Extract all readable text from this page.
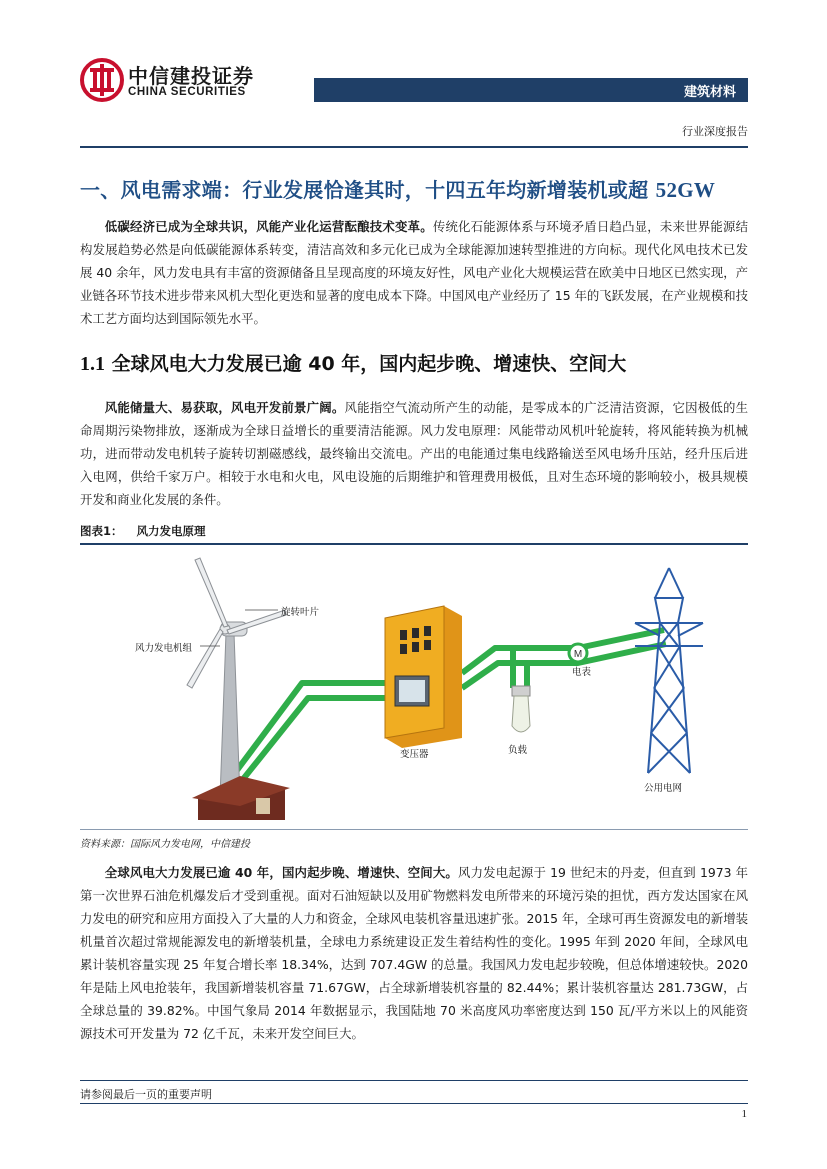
中信建投证券
CHINA SECURITIES	建筑材料
行业深度报告
一、风电需求端：行业发展恰逢其时，十四五年均新增装机或超 52GW

低碳经济已成为全球共识，风能产业化运营酝酿技术变革。传统化石能源体系与环境矛盾日趋凸显，未来世界能源结构发展趋势必然是向低碳能源体系转变，清洁高效和多元化已成为全球能源加速转型推进的方向标。现代化风电技术已发展 40 余年，风力发电具有丰富的资源储备且呈现高度的环境友好性，风电产业化大规模运营在欧美中日地区已然实现，产业链各环节技术进步带来风机大型化更迭和显著的度电成本下降。中国风电产业经历了 15 年的飞跃发展，在产业规模和技术工艺方面均达到国际领先水平。

1.1 全球风电大力发展已逾 40 年，国内起步晚、增速快、空间大

风能储量大、易获取，风电开发前景广阔。风能指空气流动所产生的动能，是零成本的广泛清洁资源，它因极低的生命周期污染物排放，逐渐成为全球日益增长的重要清洁能源。风力发电原理：风能带动风机叶轮旋转，将风能转换为机械功，进而带动发电机转子旋转切割磁感线，最终输出交流电。产出的电能通过集电线路输送至风电场升压站，经升压后进入电网，供给千家万户。相较于水电和火电，风电设施的后期维护和管理费用极低，且对生态环境的影响较小，极具规模开发和商业化发展的条件。

图表1： 风力发电原理
M
旋转叶片
风力发电机组
变压器
电表
负载
公用电网
资料来源：国际风力发电网，中信建投

全球风电大力发展已逾 40 年，国内起步晚、增速快、空间大。风力发电起源于 19 世纪末的丹麦，但直到 1973 年第一次世界石油危机爆发后才受到重视。面对石油短缺以及用矿物燃料发电所带来的环境污染的担忧，西方发达国家在风力发电的研究和应用方面投入了大量的人力和资金，全球风电装机容量迅速扩张。2015 年，全球可再生资源发电的新增装机量首次超过常规能源发电的新增装机量，全球电力系统建设正发生着结构性的变化。1995 年到 2020 年间，全球风电累计装机容量实现 25 年复合增长率 18.34%，达到 707.4GW 的总量。我国风力发电起步较晚，但总体增速较快。2020 年是陆上风电抢装年，我国新增装机容量 71.67GW，占全球新增装机容量的 82.44%；累计装机容量达 281.73GW，占全球总量的 39.82%。中国气象局 2014 年数据显示，我国陆地 70 米高度风功率密度达到 150 瓦/平方米以上的风能资源技术可开发量为 72 亿千瓦，未来开发空间巨大。

请参阅最后一页的重要声明
1
